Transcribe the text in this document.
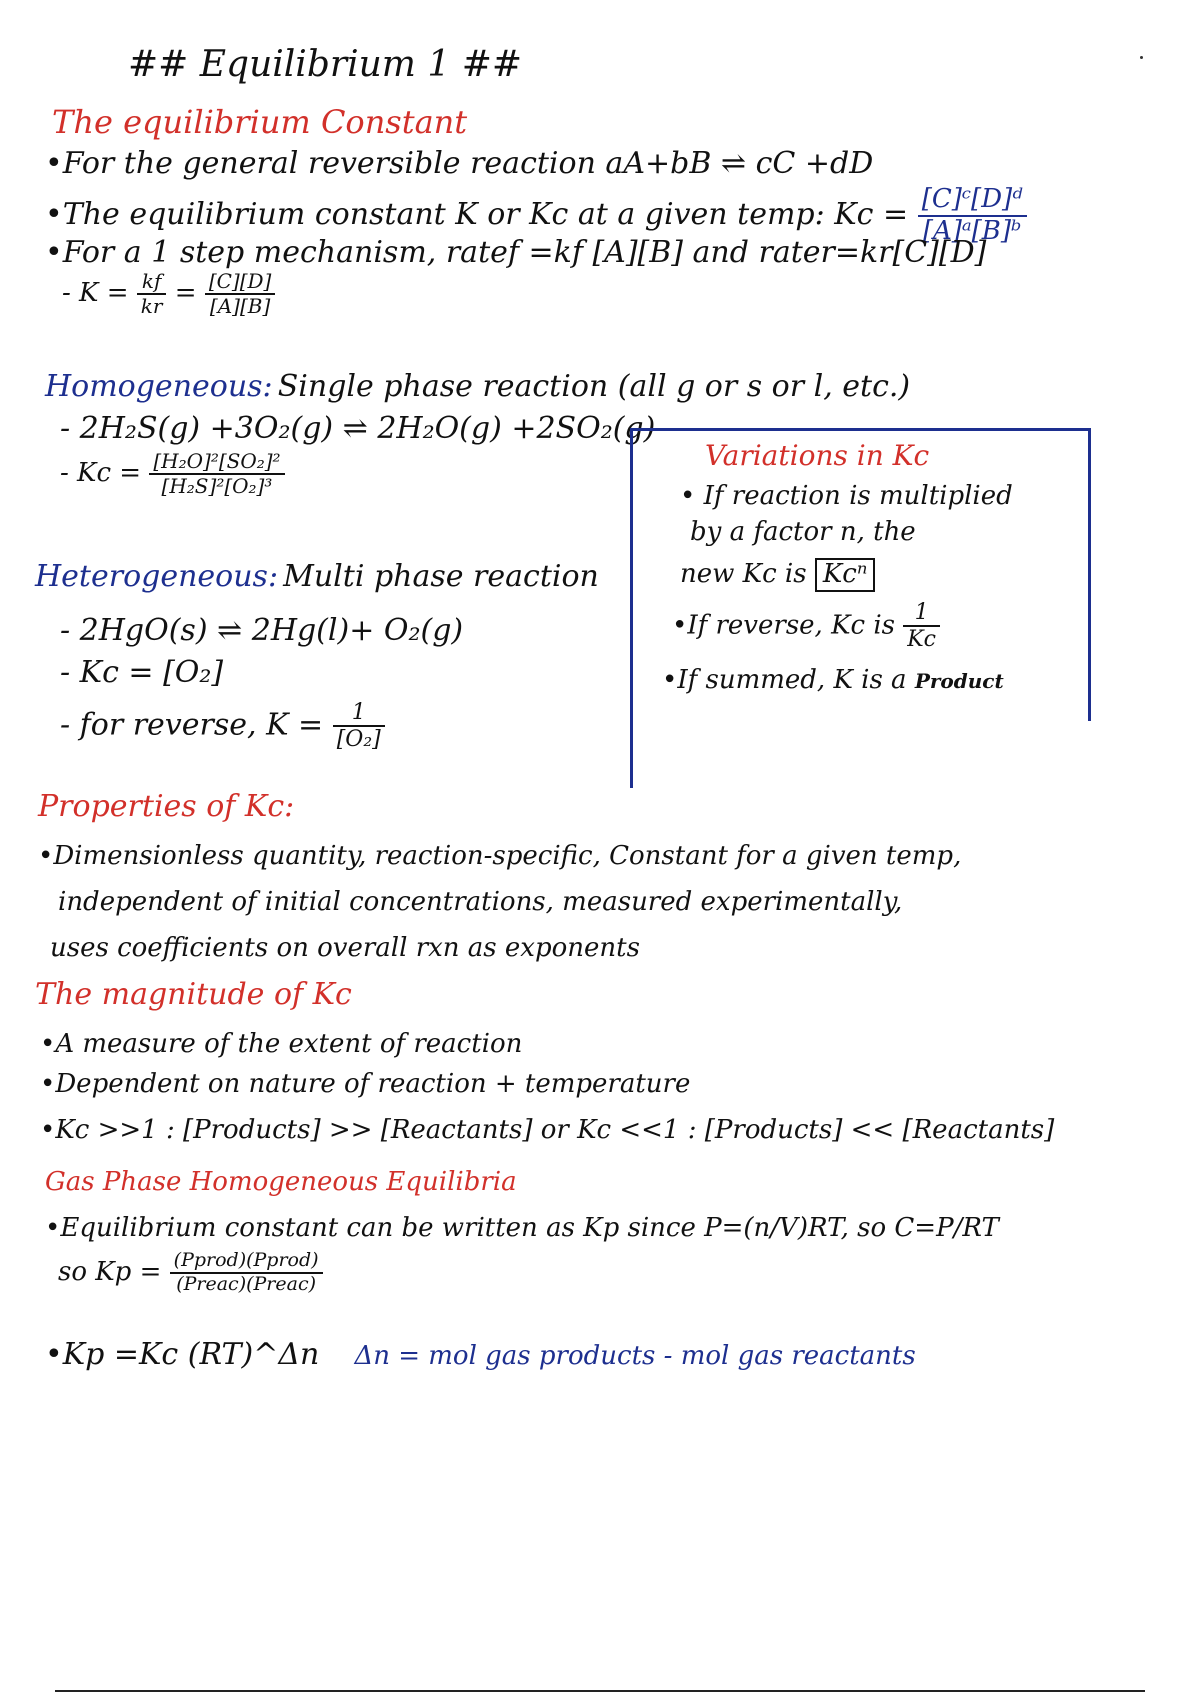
## Equilibrium 1 ##
The equilibrium Constant
•For the general reversible reaction aA+bB ⇌ cC +dD
•The equilibrium constant K or Kc at a given temp: $Kc = \frac{\text{[C]ᶜ[D]ᵈ}}{\text{[A]ᵃ[B]ᵇ}}$
•For a 1 step mechanism, ratef =kf [A][B] and rater=kr[C][D]
- $K = \frac{kf}{kr} = \frac{[C][D]}{[A][B]}$
Homogeneous: Single phase reaction (all g or s or l, etc.)
- 2H₂S(g) +3O₂(g) ⇌ 2H₂O(g) +2SO₂(g)
- $Kc = \frac{\text{[H₂O]²[SO₂]²}}{\text{[H₂S]²[O₂]³}}$
Heterogeneous: Multi phase reaction
- 2HgO(s) ⇌ 2Hg(l)+ O₂(g)
- Kc = [O₂]
- for reverse, $K = \frac{1}{\text{[O₂]}}$
Variations in Kc
• If reaction is multiplied
by a factor n, the
new Kc is Kcⁿ
•If reverse, Kc is $\frac{1}{Kc}$
•If summed, K is a Product
Properties of Kc:
•Dimensionless quantity, reaction-specific, Constant for a given temp,
independent of initial concentrations, measured experimentally,
uses coefficients on overall rxn as exponents
The magnitude of Kc
•A measure of the extent of reaction
•Dependent on nature of reaction + temperature
•Kc >>1 : [Products] >> [Reactants] or Kc <<1 : [Products] << [Reactants]
Gas Phase Homogeneous Equilibria
•Equilibrium constant can be written as Kp since P=(n/V)RT, so C=P/RT
so $Kp = \frac{\text{(Pprod)(Pprod)}}{\text{(Preac)(Preac)}}$
•Kp =Kc (RT)^Δn Δn = mol gas products - mol gas reactants
